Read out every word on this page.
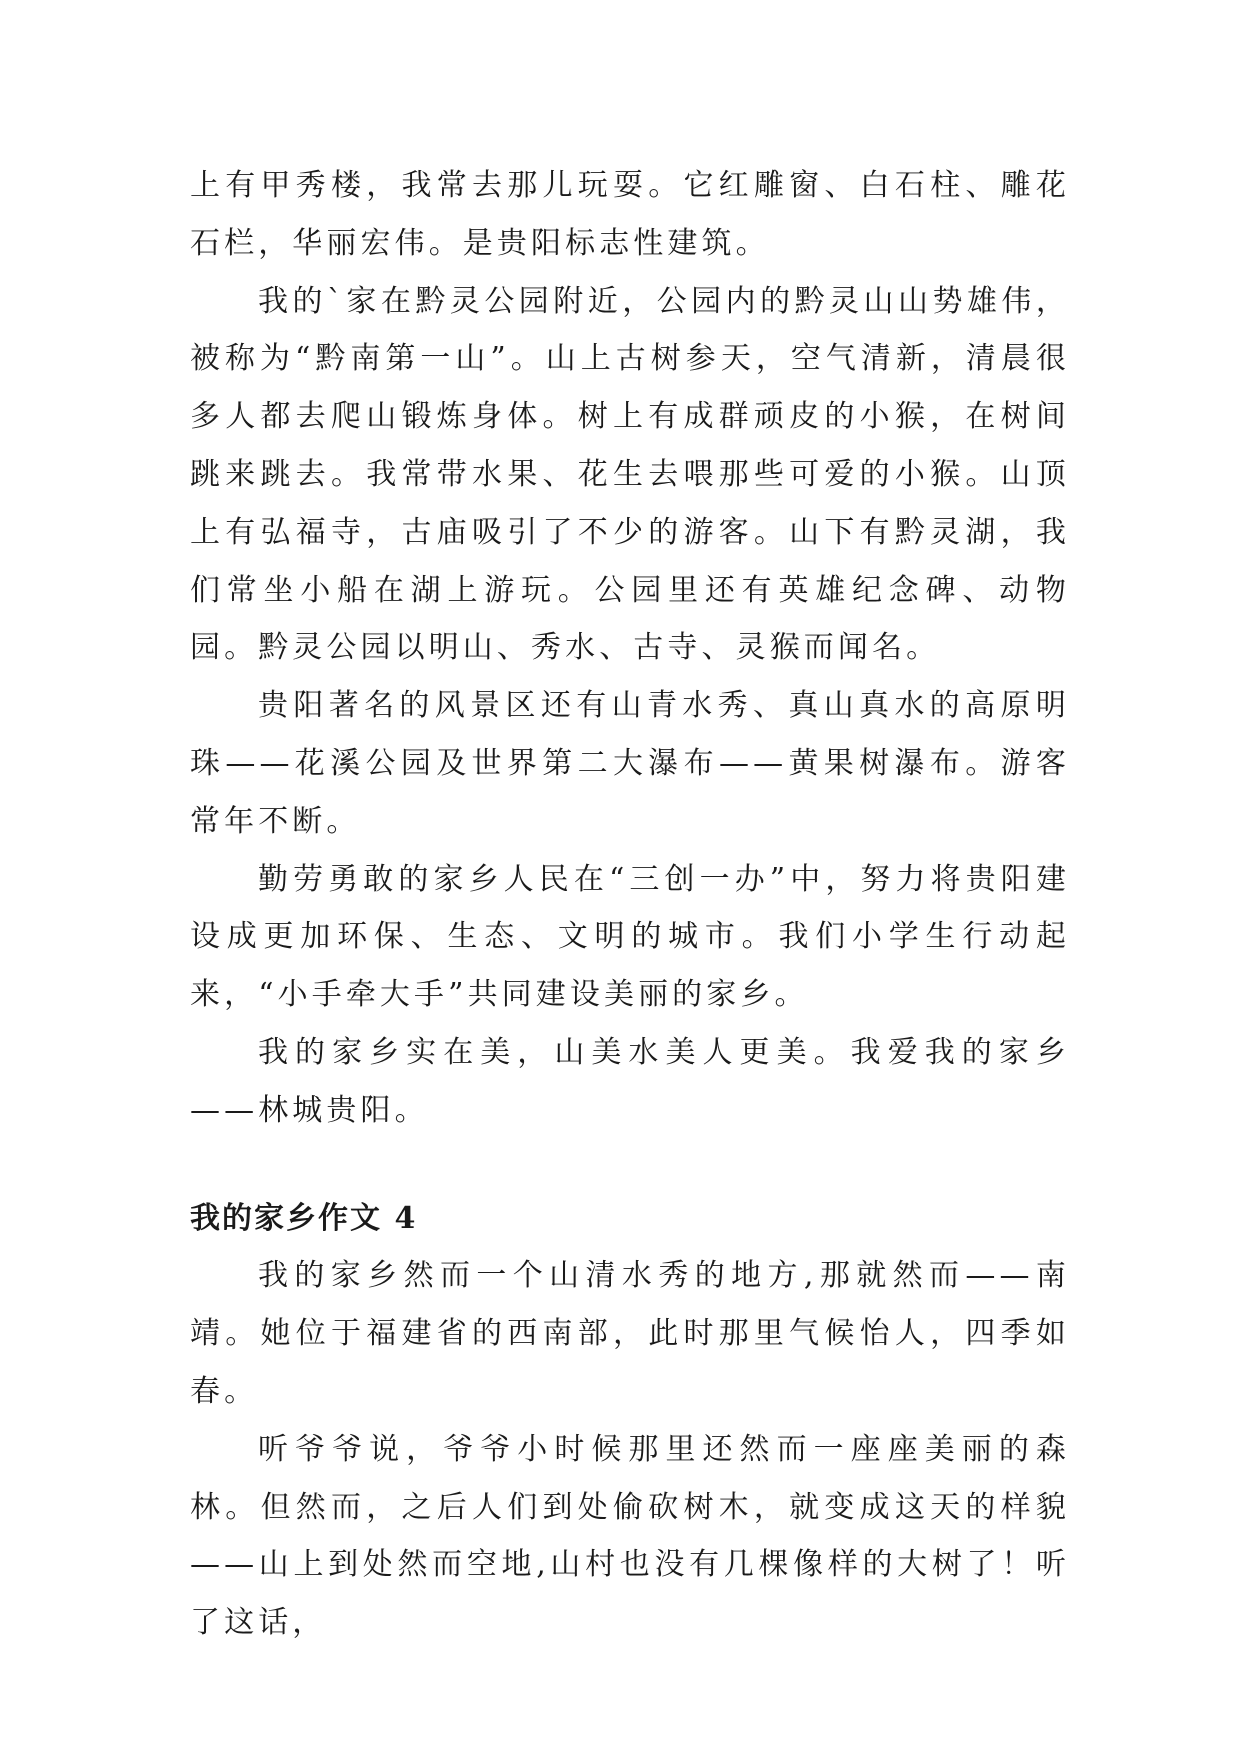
上有甲秀楼，我常去那儿玩耍。它红雕窗、白石柱、雕花石栏，华丽宏伟。是贵阳标志性建筑。

我的`家在黔灵公园附近，公园内的黔灵山山势雄伟，被称为“黔南第一山”。山上古树参天，空气清新，清晨很多人都去爬山锻炼身体。树上有成群顽皮的小猴，在树间跳来跳去。我常带水果、花生去喂那些可爱的小猴。山顶上有弘福寺，古庙吸引了不少的游客。山下有黔灵湖，我们常坐小船在湖上游玩。公园里还有英雄纪念碑、动物园。黔灵公园以明山、秀水、古寺、灵猴而闻名。

贵阳著名的风景区还有山青水秀、真山真水的高原明珠——花溪公园及世界第二大瀑布——黄果树瀑布。游客常年不断。

勤劳勇敢的家乡人民在“三创一办”中，努力将贵阳建设成更加环保、生态、文明的城市。我们小学生行动起来，“小手牵大手”共同建设美丽的家乡。

我的家乡实在美，山美水美人更美。我爱我的家乡——林城贵阳。

我的家乡作文 4

我的家乡然而一个山清水秀的地方,那就然而——南靖。她位于福建省的西南部，此时那里气候怡人，四季如春。

听爷爷说，爷爷小时候那里还然而一座座美丽的森林。但然而，之后人们到处偷砍树木，就变成这天的样貌——山上到处然而空地,山村也没有几棵像样的大树了！听了这话，
